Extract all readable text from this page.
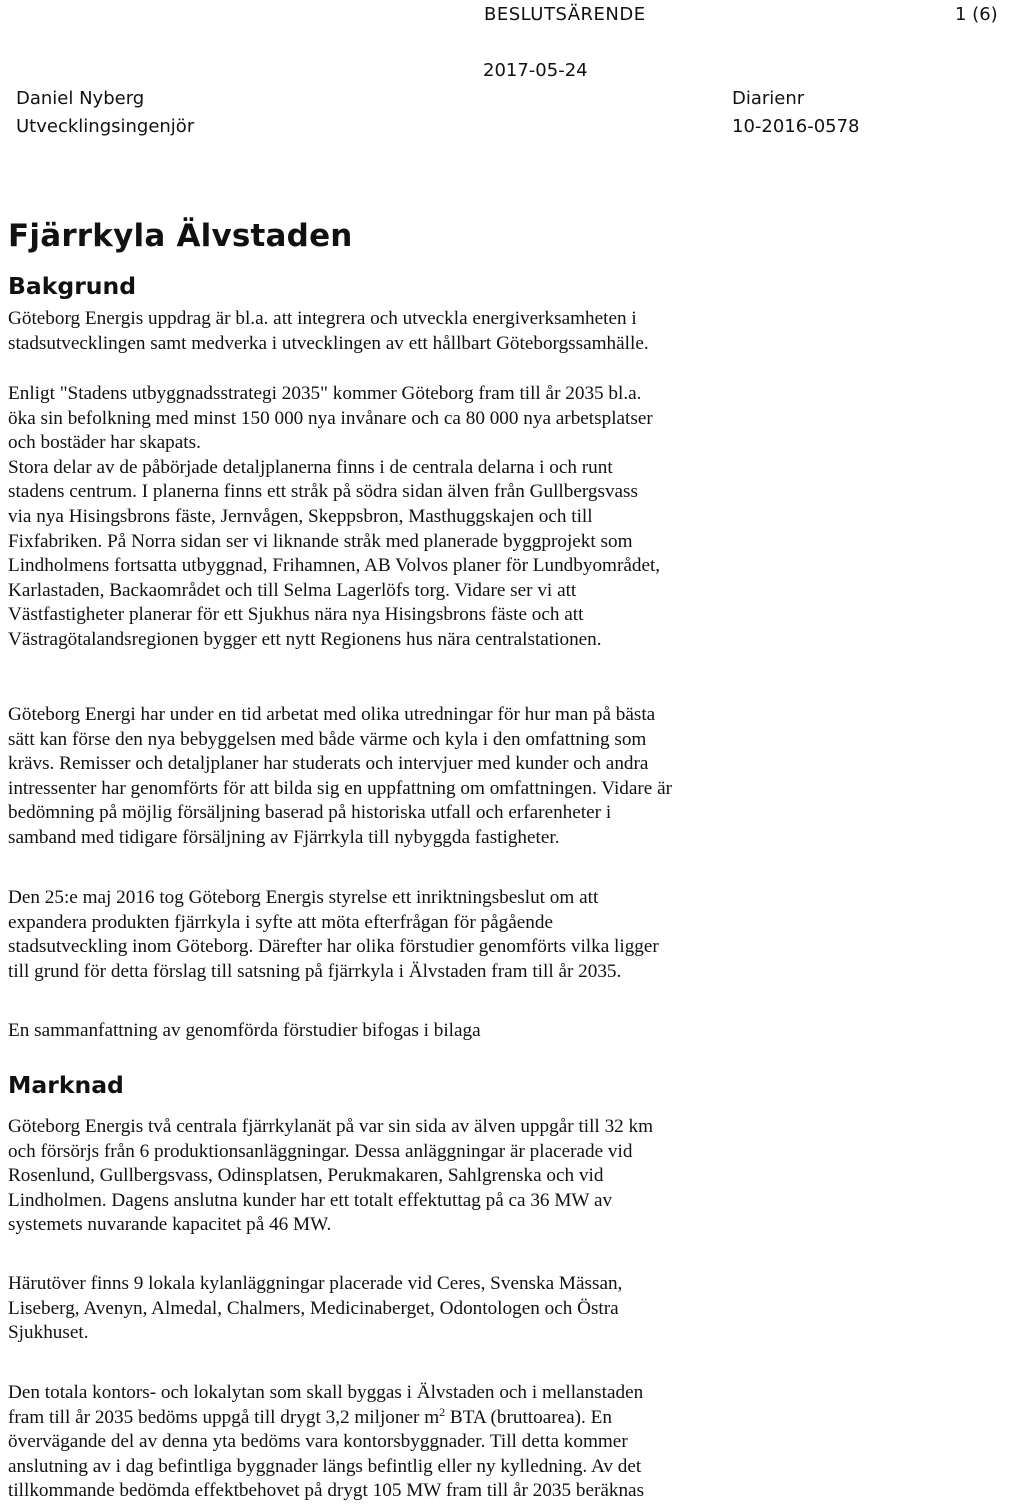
BESLUTSÄRENDE	1 (6)
2017-05-24
Daniel Nyberg
Utvecklingsingenjör
Diarienr
10-2016-0578
Fjärrkyla Älvstaden
Bakgrund
Göteborg Energis uppdrag är bl.a. att integrera och utveckla energiverksamheten i
stadsutvecklingen samt medverka i utvecklingen av ett hållbart Göteborgssamhälle.
Enligt "Stadens utbyggnadsstrategi 2035" kommer Göteborg fram till år 2035 bl.a.
öka sin befolkning med minst 150 000 nya invånare och ca 80 000 nya arbetsplatser
och bostäder har skapats.
Stora delar av de påbörjade detaljplanerna finns i de centrala delarna i och runt
stadens centrum. I planerna finns ett stråk på södra sidan älven från Gullbergsvass
via nya Hisingsbrons fäste, Jernvågen, Skeppsbron, Masthuggskajen och till
Fixfabriken. På Norra sidan ser vi liknande stråk med planerade byggprojekt som
Lindholmens fortsatta utbyggnad, Frihamnen, AB Volvos planer för Lundbyområdet,
Karlastaden, Backaområdet och till Selma Lagerlöfs torg. Vidare ser vi att
Västfastigheter planerar för ett Sjukhus nära nya Hisingsbrons fäste och att
Västragötalandsregionen bygger ett nytt Regionens hus nära centralstationen.
Göteborg Energi har under en tid arbetat med olika utredningar för hur man på bästa
sätt kan förse den nya bebyggelsen med både värme och kyla i den omfattning som
krävs. Remisser och detaljplaner har studerats och intervjuer med kunder och andra
intressenter har genomförts för att bilda sig en uppfattning om omfattningen. Vidare är
bedömning på möjlig försäljning baserad på historiska utfall och erfarenheter i
samband med tidigare försäljning av Fjärrkyla till nybyggda fastigheter.
Den 25:e maj 2016 tog Göteborg Energis styrelse ett inriktningsbeslut om att
expandera produkten fjärrkyla i syfte att möta efterfrågan för pågående
stadsutveckling inom Göteborg. Därefter har olika förstudier genomförts vilka ligger
till grund för detta förslag till satsning på fjärrkyla i Älvstaden fram till år 2035.
En sammanfattning av genomförda förstudier bifogas i bilaga
Marknad
Göteborg Energis två centrala fjärrkylanät på var sin sida av älven uppgår till 32 km
och försörjs från 6 produktionsanläggningar. Dessa anläggningar är placerade vid
Rosenlund, Gullbergsvass, Odinsplatsen, Perukmakaren, Sahlgrenska och vid
Lindholmen. Dagens anslutna kunder har ett totalt effektuttag på ca 36 MW av
systemets nuvarande kapacitet på 46 MW.
Härutöver finns 9 lokala kylanläggningar placerade vid Ceres, Svenska Mässan,
Liseberg, Avenyn, Almedal, Chalmers, Medicinaberget, Odontologen och Östra
Sjukhuset.
Den totala kontors- och lokalytan som skall byggas i Älvstaden och i mellanstaden
fram till år 2035 bedöms uppgå till drygt 3,2 miljoner $m^2$ BTA (bruttoarea). En
övervägande del av denna yta bedöms vara kontorsbyggnader. Till detta kommer
anslutning av i dag befintliga byggnader längs befintlig eller ny kylledning. Av det
tillkommande bedömda effektbehovet på drygt 105 MW fram till år 2035 beräknas
